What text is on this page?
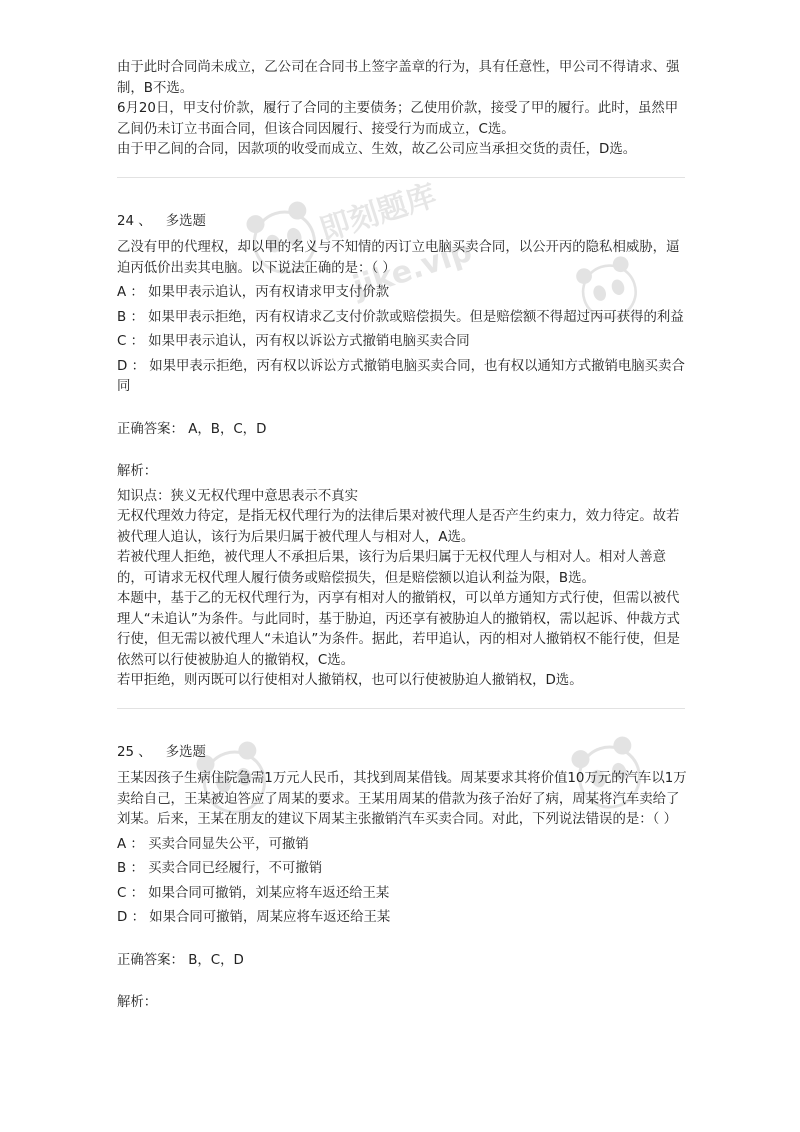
即刻题库
jike.vip

由于此时合同尚未成立，乙公司在合同书上签字盖章的行为，具有任意性，甲公司不得请求、强制，B不选。

6月20日，甲支付价款，履行了合同的主要债务；乙使用价款，接受了甲的履行。此时，虽然甲乙间仍未订立书面合同，但该合同因履行、接受行为而成立，C选。

由于甲乙间的合同，因款项的收受而成立、生效，故乙公司应当承担交货的责任，D选。

24 、 多选题

乙没有甲的代理权，却以甲的名义与不知情的丙订立电脑买卖合同，以公开丙的隐私相威胁，逼迫丙低价出卖其电脑。以下说法正确的是：（ ）

A ： 如果甲表示追认，丙有权请求甲支付价款

B ： 如果甲表示拒绝，丙有权请求乙支付价款或赔偿损失。但是赔偿额不得超过丙可获得的利益

C ： 如果甲表示追认，丙有权以诉讼方式撤销电脑买卖合同

D ： 如果甲表示拒绝，丙有权以诉讼方式撤销电脑买卖合同，也有权以通知方式撤销电脑买卖合同

正确答案： A，B，C，D

解析：

知识点：狭义无权代理中意思表示不真实

无权代理效力待定，是指无权代理行为的法律后果对被代理人是否产生约束力，效力待定。故若被代理人追认，该行为后果归属于被代理人与相对人，A选。

若被代理人拒绝，被代理人不承担后果，该行为后果归属于无权代理人与相对人。相对人善意的，可请求无权代理人履行债务或赔偿损失，但是赔偿额以追认利益为限，B选。

本题中，基于乙的无权代理行为，丙享有相对人的撤销权，可以单方通知方式行使，但需以被代理人“未追认”为条件。与此同时，基于胁迫，丙还享有被胁迫人的撤销权，需以起诉、仲裁方式行使，但无需以被代理人“未追认”为条件。据此，若甲追认，丙的相对人撤销权不能行使，但是依然可以行使被胁迫人的撤销权，C选。

若甲拒绝，则丙既可以行使相对人撤销权，也可以行使被胁迫人撤销权，D选。

25 、 多选题

王某因孩子生病住院急需1万元人民币，其找到周某借钱。周某要求其将价值10万元的汽车以1万卖给自己，王某被迫答应了周某的要求。王某用周某的借款为孩子治好了病，周某将汽车卖给了刘某。后来，王某在朋友的建议下周某主张撤销汽车买卖合同。对此，下列说法错误的是：（ ）

A ： 买卖合同显失公平，可撤销

B ： 买卖合同已经履行，不可撤销

C ： 如果合同可撤销，刘某应将车返还给王某

D ： 如果合同可撤销，周某应将车返还给王某

正确答案： B，C，D

解析：
